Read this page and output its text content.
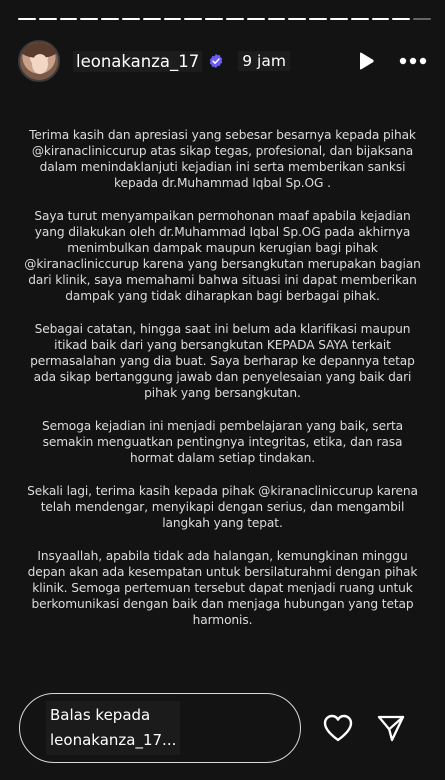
leonakanza_17	9 jam

Terima kasih dan apresiasi yang sebesar besarnya kepada pihak
@kiranacliniccurup atas sikap tegas, profesional, dan bijaksana
dalam menindaklanjuti kejadian ini serta memberikan sanksi
kepada dr.Muhammad Iqbal Sp.OG .

Saya turut menyampaikan permohonan maaf apabila kejadian
yang dilakukan oleh dr.Muhammad Iqbal Sp.OG pada akhirnya
menimbulkan dampak maupun kerugian bagi pihak
@kiranacliniccurup karena yang bersangkutan merupakan bagian
dari klinik, saya memahami bahwa situasi ini dapat memberikan
dampak yang tidak diharapkan bagi berbagai pihak.

Sebagai catatan, hingga saat ini belum ada klarifikasi maupun
itikad baik dari yang bersangkutan KEPADA SAYA terkait
permasalahan yang dia buat. Saya berharap ke depannya tetap
ada sikap bertanggung jawab dan penyelesaian yang baik dari
pihak yang bersangkutan.

Semoga kejadian ini menjadi pembelajaran yang baik, serta
semakin menguatkan pentingnya integritas, etika, dan rasa
hormat dalam setiap tindakan.

Sekali lagi, terima kasih kepada pihak @kiranacliniccurup karena
telah mendengar, menyikapi dengan serius, dan mengambil
langkah yang tepat.

Insyaallah, apabila tidak ada halangan, kemungkinan minggu
depan akan ada kesempatan untuk bersilaturahmi dengan pihak
klinik. Semoga pertemuan tersebut dapat menjadi ruang untuk
berkomunikasi dengan baik dan menjaga hubungan yang tetap
harmonis.

Balas kepada
leonakanza_17...
